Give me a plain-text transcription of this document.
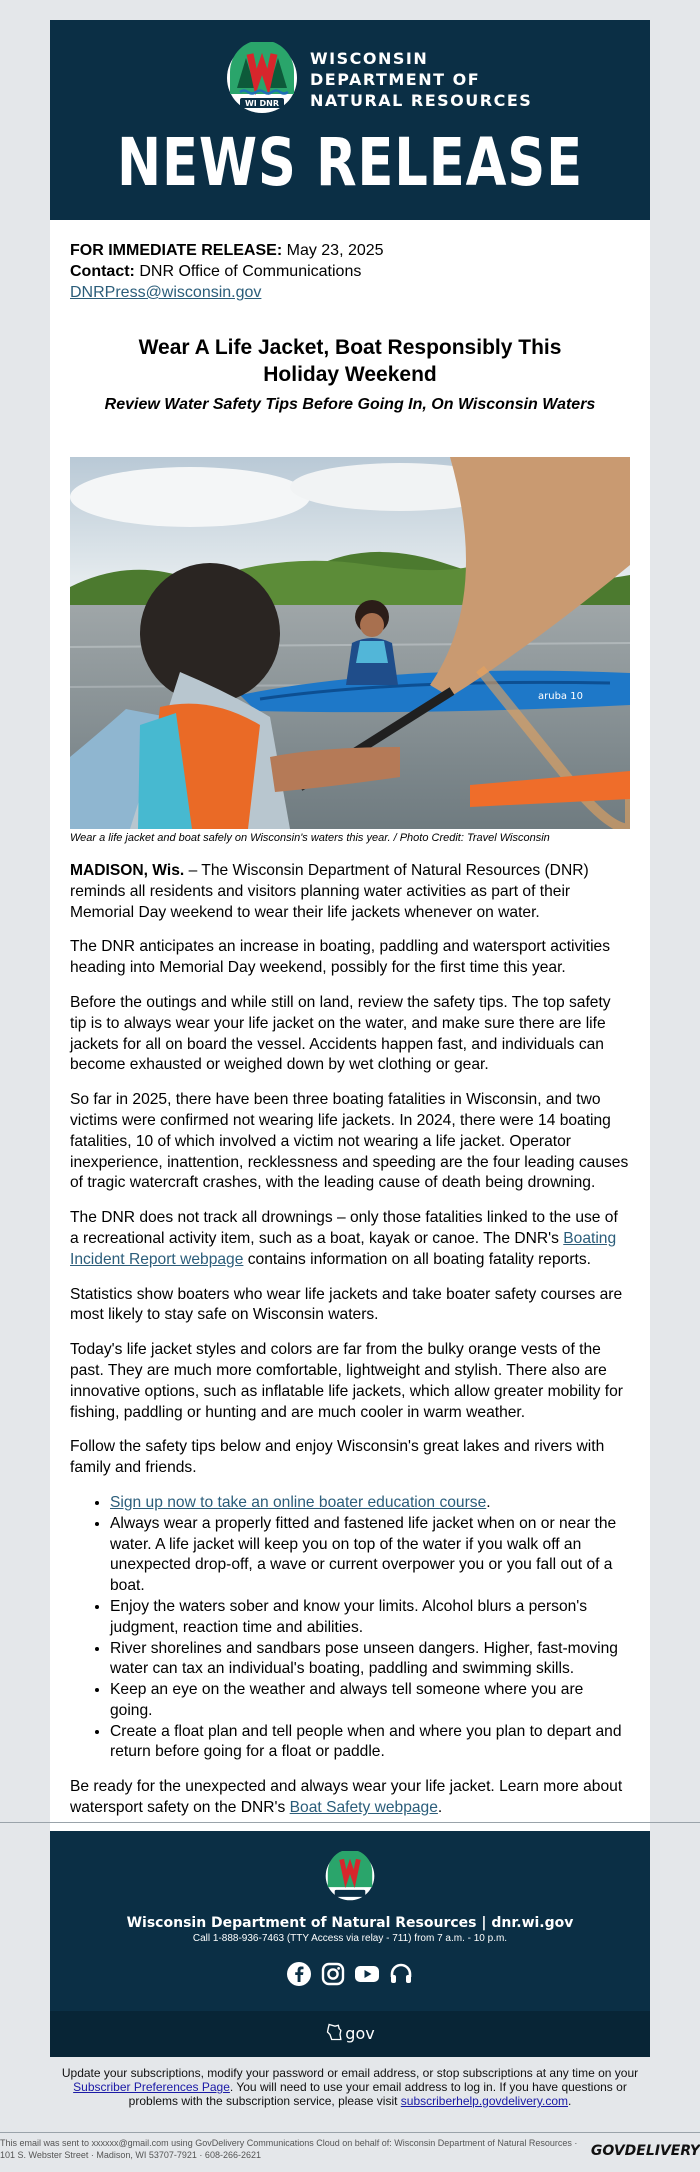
WI DNR
WISCONSIN
DEPARTMENT OF
NATURAL RESOURCES
NEWS RELEASE
FOR IMMEDIATE RELEASE: May 23, 2025
Contact: DNR Office of Communications
DNRPress@wisconsin.gov
Wear A Life Jacket, Boat Responsibly This Holiday Weekend
Review Water Safety Tips Before Going In, On Wisconsin Waters
aruba 10
Wear a life jacket and boat safely on Wisconsin's waters this year. / Photo Credit: Travel Wisconsin

MADISON, Wis. – The Wisconsin Department of Natural Resources (DNR) reminds all residents and visitors planning water activities as part of their Memorial Day weekend to wear their life jackets whenever on water.

The DNR anticipates an increase in boating, paddling and watersport activities heading into Memorial Day weekend, possibly for the first time this year.

Before the outings and while still on land, review the safety tips. The top safety tip is to always wear your life jacket on the water, and make sure there are life jackets for all on board the vessel. Accidents happen fast, and individuals can become exhausted or weighed down by wet clothing or gear.

So far in 2025, there have been three boating fatalities in Wisconsin, and two victims were confirmed not wearing life jackets. In 2024, there were 14 boating fatalities, 10 of which involved a victim not wearing a life jacket. Operator inexperience, inattention, recklessness and speeding are the four leading causes of tragic watercraft crashes, with the leading cause of death being drowning.

The DNR does not track all drownings – only those fatalities linked to the use of a recreational activity item, such as a boat, kayak or canoe. The DNR's Boating Incident Report webpage contains information on all boating fatality reports.

Statistics show boaters who wear life jackets and take boater safety courses are most likely to stay safe on Wisconsin waters.

Today's life jacket styles and colors are far from the bulky orange vests of the past. They are much more comfortable, lightweight and stylish. There also are innovative options, such as inflatable life jackets, which allow greater mobility for fishing, paddling or hunting and are much cooler in warm weather.

Follow the safety tips below and enjoy Wisconsin's great lakes and rivers with family and friends.

• Sign up now to take an online boater education course.
• Always wear a properly fitted and fastened life jacket when on or near the water. A life jacket will keep you on top of the water if you walk off an unexpected drop-off, a wave or current overpower you or you fall out of a boat.
• Enjoy the waters sober and know your limits. Alcohol blurs a person's judgment, reaction time and abilities.
• River shorelines and sandbars pose unseen dangers. Higher, fast-moving water can tax an individual's boating, paddling and swimming skills.
• Keep an eye on the weather and always tell someone where you are going.
• Create a float plan and tell people when and where you plan to depart and return before going for a float or paddle.

Be ready for the unexpected and always wear your life jacket. Learn more about watersport safety on the DNR's Boat Safety webpage.

Wisconsin Department of Natural Resources | dnr.wi.gov
Call 1-888-936-7463 (TTY Access via relay - 711) from 7 a.m. - 10 p.m.
gov
Update your subscriptions, modify your password or email address, or stop subscriptions at any time on your Subscriber Preferences Page. You will need to use your email address to log in. If you have questions or problems with the subscription service, please visit subscriberhelp.govdelivery.com.
This email was sent to xxxxxx@gmail.com using GovDelivery Communications Cloud on behalf of: Wisconsin Department of Natural Resources · 101 S. Webster Street · Madison, WI 53707-7921 · 608-266-2621	GOVDELIVERY
